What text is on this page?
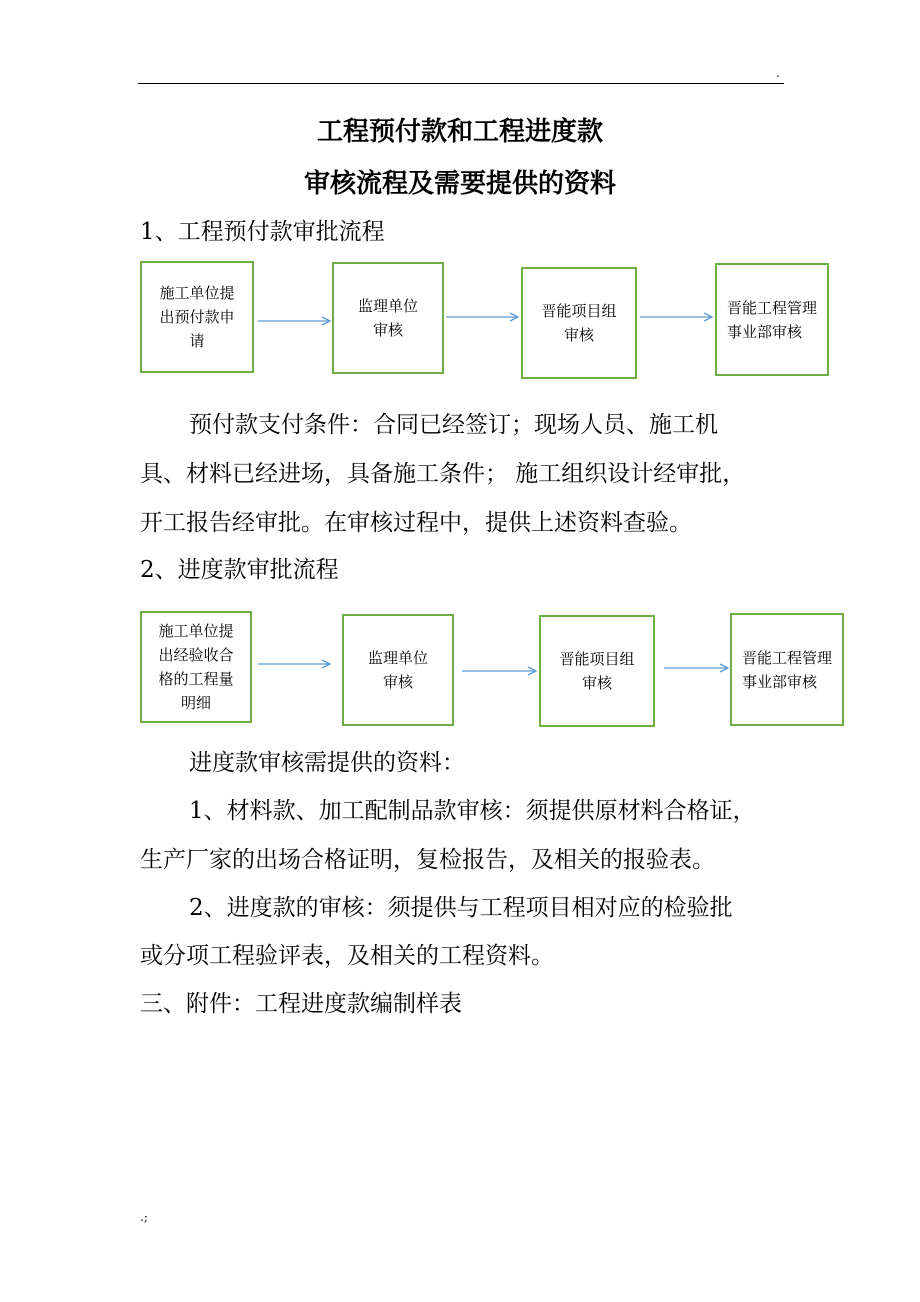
.
工程预付款和工程进度款
审核流程及需要提供的资料
1、工程预付款审批流程
施工单位提出预付款申请
监理单位审核
晋能项目组审核
晋能工程管理事业部审核
预付款支付条件：合同已经签订；现场人员、施工机
具、材料已经进场，具备施工条件； 施工组织设计经审批，
开工报告经审批。在审核过程中，提供上述资料查验。
2、进度款审批流程
施工单位提出经验收合格的工程量明细
监理单位审核
晋能项目组审核
晋能工程管理事业部审核
进度款审核需提供的资料：
1、材料款、加工配制品款审核：须提供原材料合格证，
生产厂家的出场合格证明，复检报告，及相关的报验表。
2、进度款的审核：须提供与工程项目相对应的检验批
或分项工程验评表，及相关的工程资料。
三、附件：工程进度款编制样表
.;
